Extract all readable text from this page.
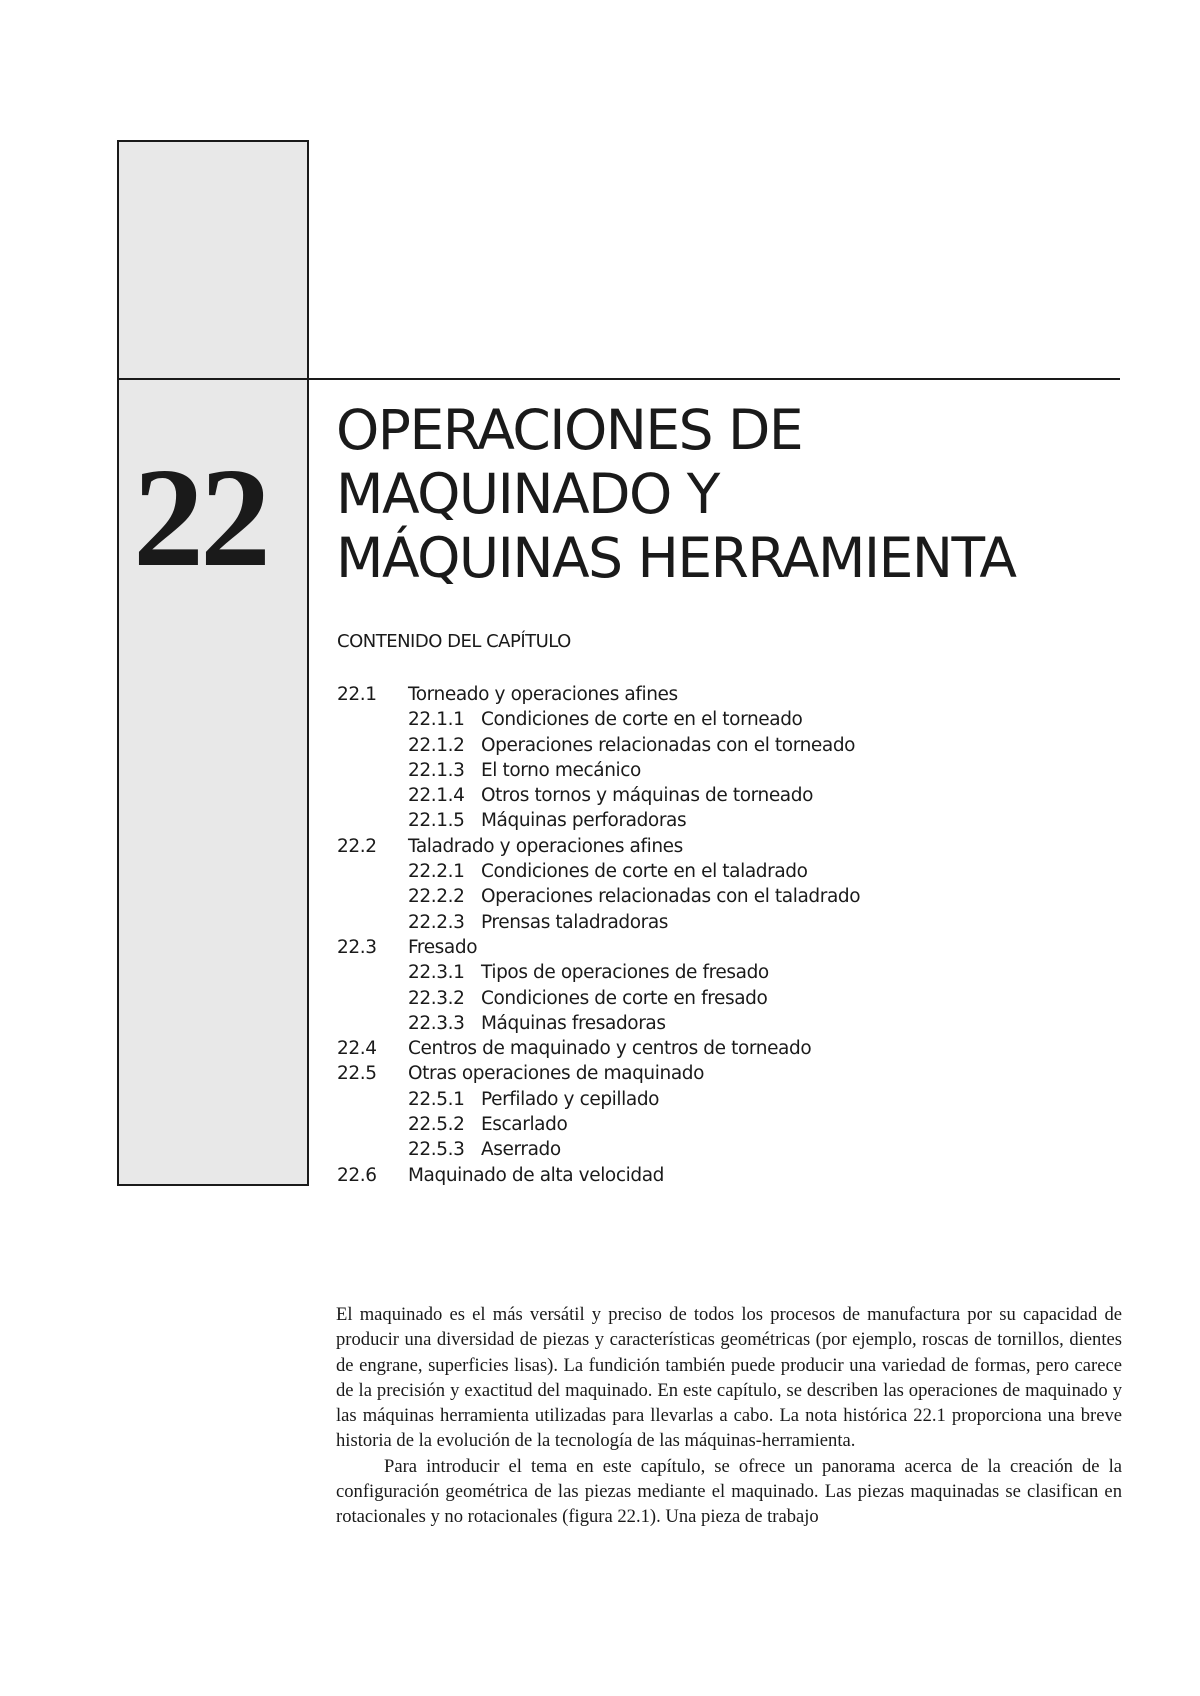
22
OPERACIONES DE
MAQUINADO Y
MÁQUINAS HERRAMIENTA
CONTENIDO DEL CAPÍTULO
22.1 Torneado y operaciones afines
22.1.1 Condiciones de corte en el torneado
22.1.2 Operaciones relacionadas con el torneado
22.1.3 El torno mecánico
22.1.4 Otros tornos y máquinas de torneado
22.1.5 Máquinas perforadoras
22.2 Taladrado y operaciones afines
22.2.1 Condiciones de corte en el taladrado
22.2.2 Operaciones relacionadas con el taladrado
22.2.3 Prensas taladradoras
22.3 Fresado
22.3.1 Tipos de operaciones de fresado
22.3.2 Condiciones de corte en fresado
22.3.3 Máquinas fresadoras
22.4 Centros de maquinado y centros de torneado
22.5 Otras operaciones de maquinado
22.5.1 Perfilado y cepillado
22.5.2 Escarlado
22.5.3 Aserrado
22.6 Maquinado de alta velocidad

El maquinado es el más versátil y preciso de todos los procesos de manufactura por su capacidad de producir una diversidad de piezas y características geométricas (por ejemplo, roscas de tornillos, dientes de engrane, superficies lisas). La fundición también puede producir una variedad de formas, pero carece de la precisión y exactitud del maquinado. En este capítulo, se describen las operaciones de maquinado y las máquinas herramienta utilizadas para llevarlas a cabo. La nota histórica 22.1 proporciona una breve historia de la evolución de la tecnología de las máquinas-herramienta.

Para introducir el tema en este capítulo, se ofrece un panorama acerca de la creación de la configuración geométrica de las piezas mediante el maquinado. Las piezas maquinadas se clasifican en rotacionales y no rotacionales (figura 22.1). Una pieza de trabajo
